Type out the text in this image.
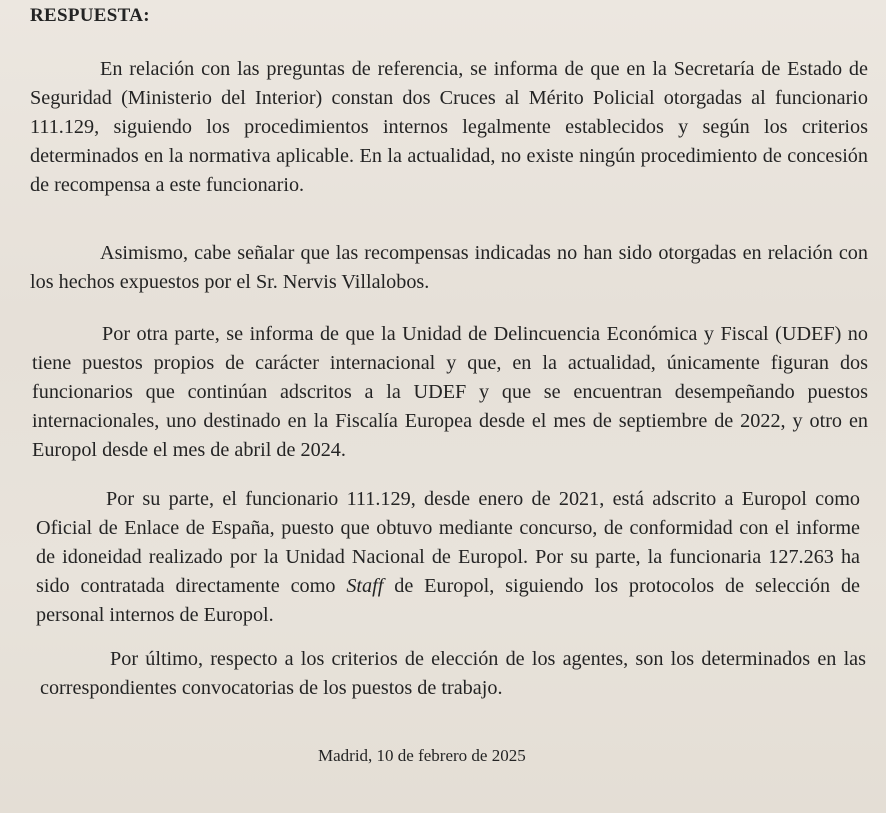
RESPUESTA:

En relación con las preguntas de referencia, se informa de que en la Secretaría de Estado de Seguridad (Ministerio del Interior) constan dos Cruces al Mérito Policial otorgadas al funcionario 111.129, siguiendo los procedimientos internos legalmente establecidos y según los criterios determinados en la normativa aplicable. En la actualidad, no existe ningún procedimiento de concesión de recompensa a este funcionario.

Asimismo, cabe señalar que las recompensas indicadas no han sido otorgadas en relación con los hechos expuestos por el Sr. Nervis Villalobos.

Por otra parte, se informa de que la Unidad de Delincuencia Económica y Fiscal (UDEF) no tiene puestos propios de carácter internacional y que, en la actualidad, únicamente figuran dos funcionarios que continúan adscritos a la UDEF y que se encuentran desempeñando puestos internacionales, uno destinado en la Fiscalía Europea desde el mes de septiembre de 2022, y otro en Europol desde el mes de abril de 2024.

Por su parte, el funcionario 111.129, desde enero de 2021, está adscrito a Europol como Oficial de Enlace de España, puesto que obtuvo mediante concurso, de conformidad con el informe de idoneidad realizado por la Unidad Nacional de Europol. Por su parte, la funcionaria 127.263 ha sido contratada directamente como Staff de Europol, siguiendo los protocolos de selección de personal internos de Europol.

Por último, respecto a los criterios de elección de los agentes, son los determinados en las correspondientes convocatorias de los puestos de trabajo.

Madrid, 10 de febrero de 2025
